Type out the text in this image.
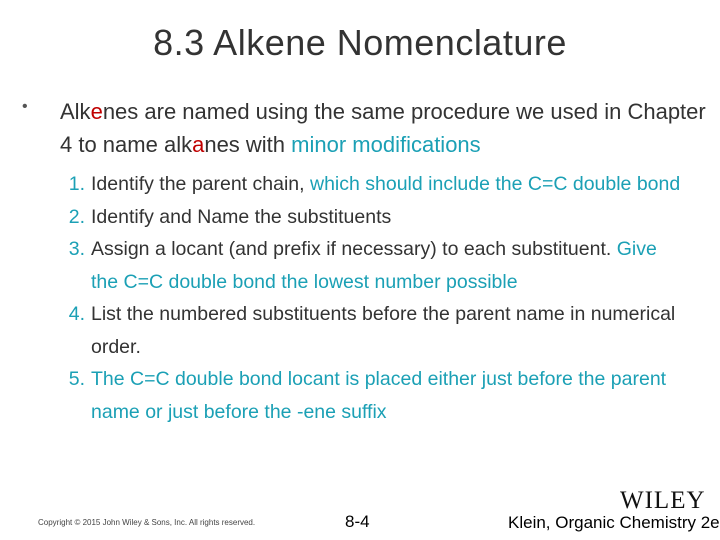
8.3 Alkene Nomenclature
• Alkenes are named using the same procedure we used in Chapter 4 to name alkanes with minor modifications
1. Identify the parent chain, which should include the C=C double bond
2. Identify and Name the substituents
3. Assign a locant (and prefix if necessary) to each substituent. Give the C=C double bond the lowest number possible
4. List the numbered substituents before the parent name in numerical order.
5. The C=C double bond locant is placed either just before the parent name or just before the -ene suffix
Copyright © 2015 John Wiley & Sons, Inc. All rights reserved.	8-4
WILEY
Klein, Organic Chemistry 2e
